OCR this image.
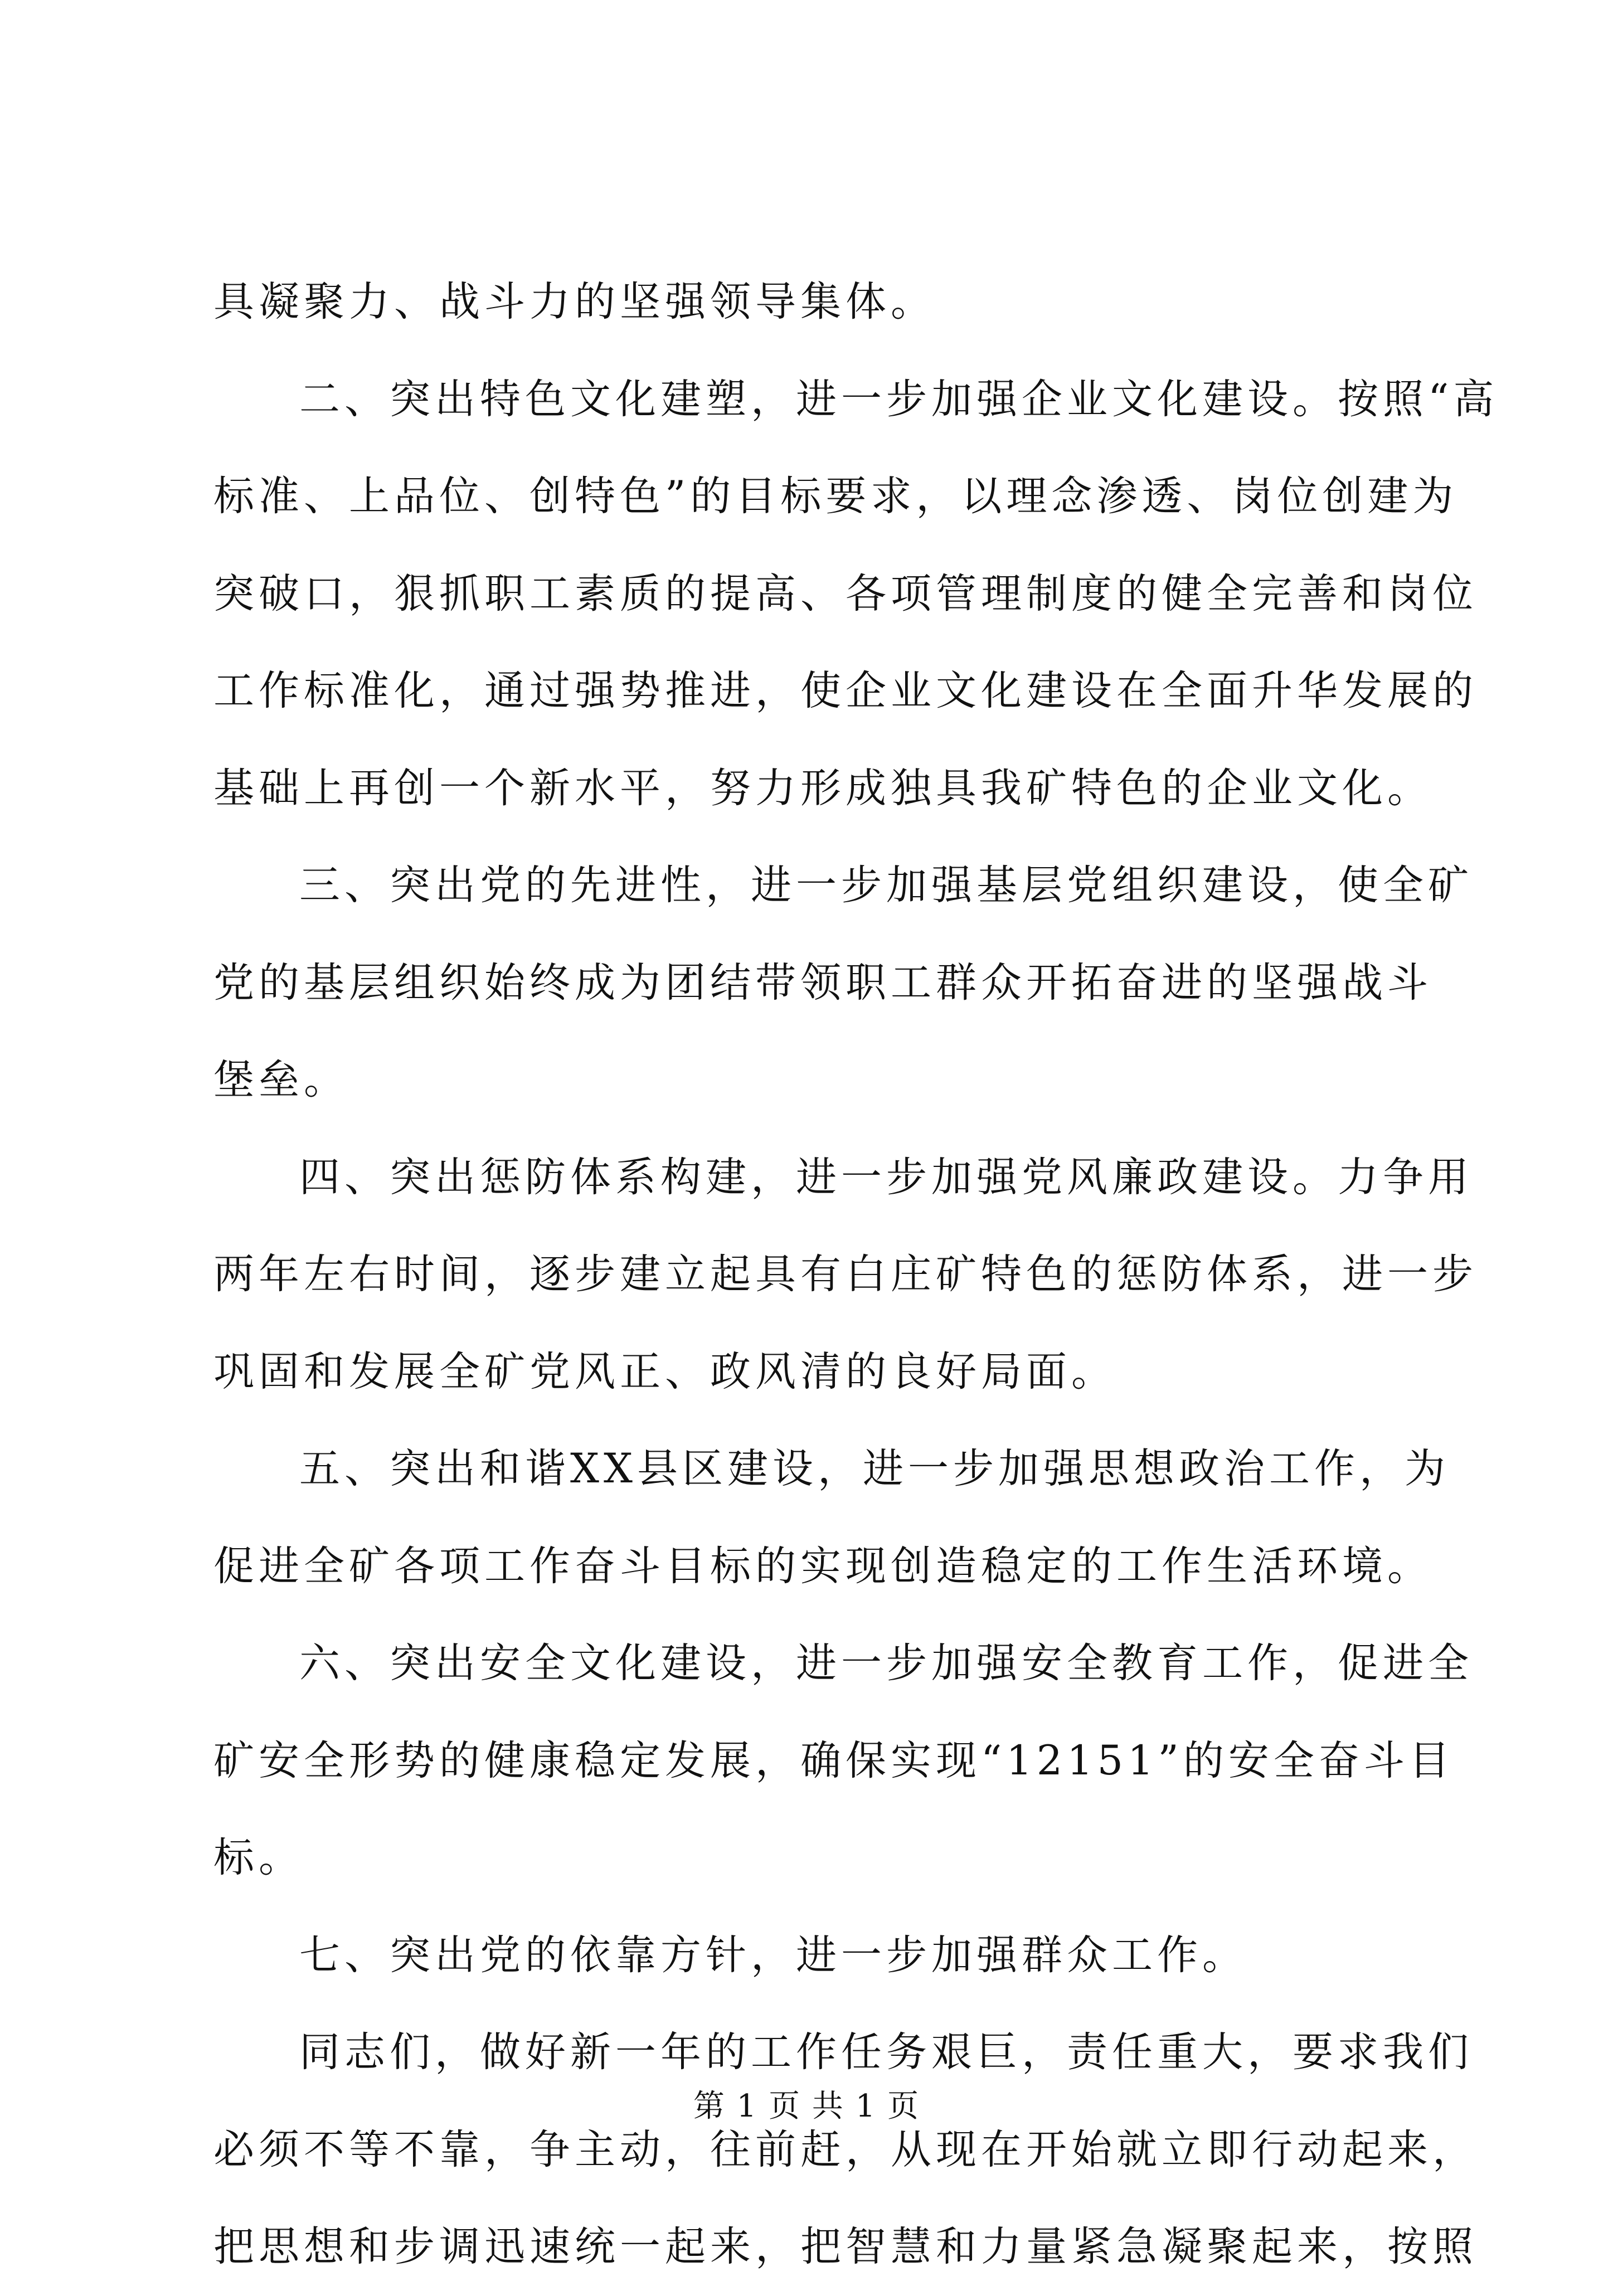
具凝聚力、战斗力的坚强领导集体。
二、突出特色文化建塑，进一步加强企业文化建设。按照“高
标准、上品位、创特色”的目标要求，以理念渗透、岗位创建为
突破口，狠抓职工素质的提高、各项管理制度的健全完善和岗位
工作标准化，通过强势推进，使企业文化建设在全面升华发展的
基础上再创一个新水平，努力形成独具我矿特色的企业文化。
三、突出党的先进性，进一步加强基层党组织建设，使全矿
党的基层组织始终成为团结带领职工群众开拓奋进的坚强战斗
堡垒。
四、突出惩防体系构建，进一步加强党风廉政建设。力争用
两年左右时间，逐步建立起具有白庄矿特色的惩防体系，进一步
巩固和发展全矿党风正、政风清的良好局面。
五、突出和谐XX县区建设，进一步加强思想政治工作，为
促进全矿各项工作奋斗目标的实现创造稳定的工作生活环境。
六、突出安全文化建设，进一步加强安全教育工作，促进全
矿安全形势的健康稳定发展，确保实现“12151”的安全奋斗目
标。
七、突出党的依靠方针，进一步加强群众工作。
同志们，做好新一年的工作任务艰巨，责任重大，要求我们
必须不等不靠，争主动，往前赶，从现在开始就立即行动起来，
把思想和步调迅速统一起来，把智慧和力量紧急凝聚起来，按照
第 1 页 共 1 页
